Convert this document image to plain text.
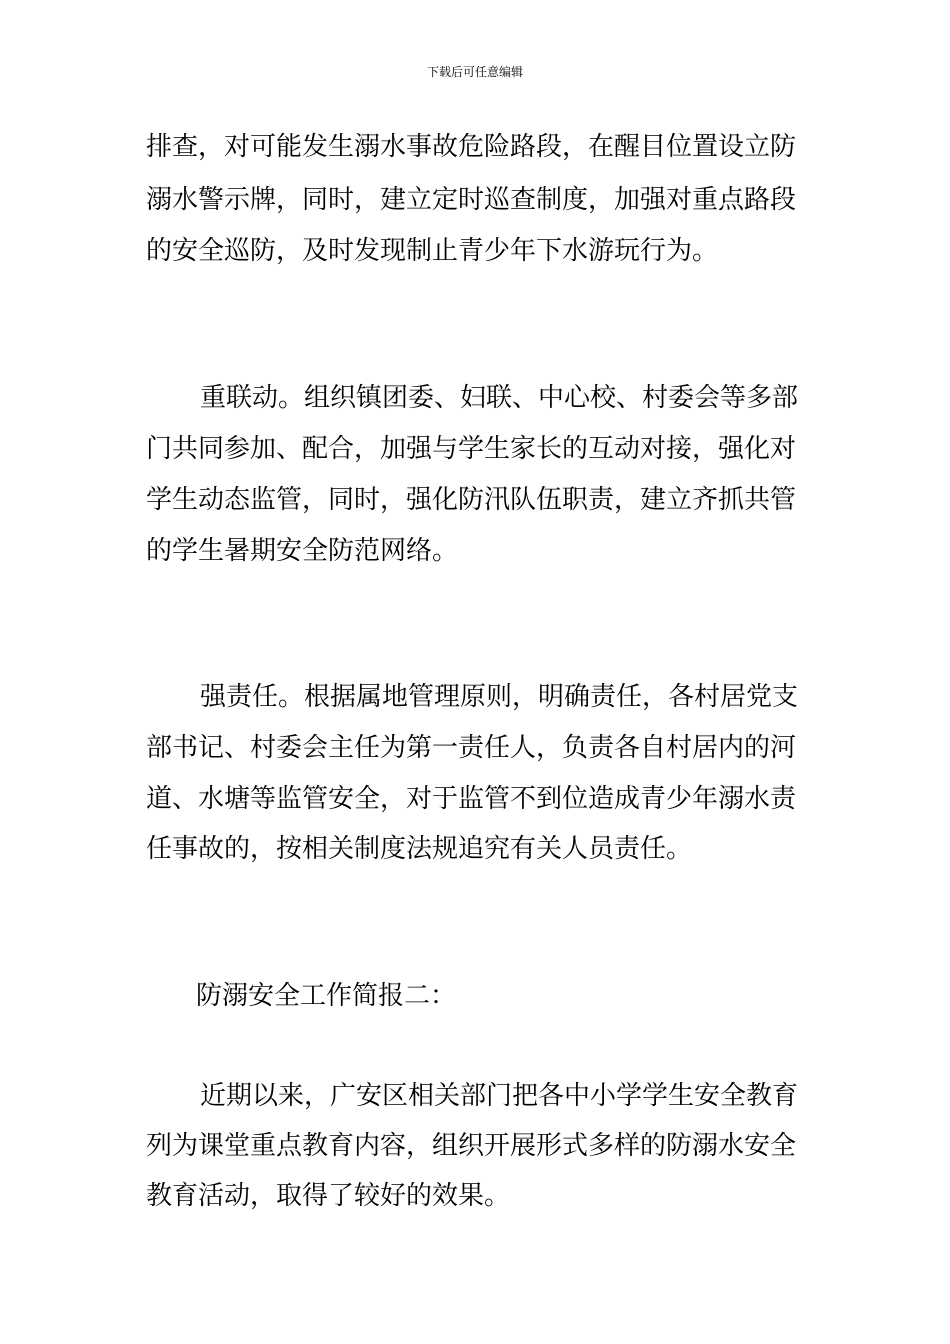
下载后可任意编辑
排查，对可能发生溺水事故危险路段，在醒目位置设立防
溺水警示牌，同时，建立定时巡查制度，加强对重点路段
的安全巡防，及时发现制止青少年下水游玩行为。
重联动。组织镇团委、妇联、中心校、村委会等多部
门共同参加、配合，加强与学生家长的互动对接，强化对
学生动态监管，同时，强化防汛队伍职责，建立齐抓共管
的学生暑期安全防范网络。
强责任。根据属地管理原则，明确责任，各村居党支
部书记、村委会主任为第一责任人，负责各自村居内的河
道、水塘等监管安全，对于监管不到位造成青少年溺水责
任事故的，按相关制度法规追究有关人员责任。
防溺安全工作简报二：
近期以来，广安区相关部门把各中小学学生安全教育
列为课堂重点教育内容，组织开展形式多样的防溺水安全
教育活动，取得了较好的效果。
